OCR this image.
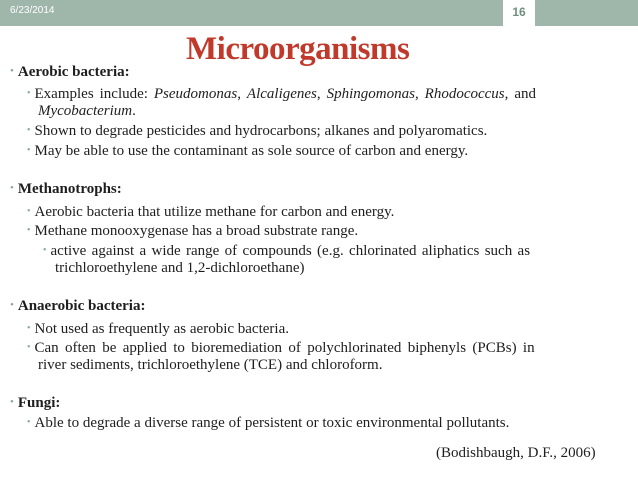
6/23/2014	16
Microorganisms
• Aerobic bacteria:
• Examples include: Pseudomonas, Alcaligenes, Sphingomonas, Rhodococcus, and
Mycobacterium.
• Shown to degrade pesticides and hydrocarbons; alkanes and polyaromatics.
• May be able to use the contaminant as sole source of carbon and energy.
• Methanotrophs:
• Aerobic bacteria that utilize methane for carbon and energy.
• Methane monooxygenase has a broad substrate range.
• active against a wide range of compounds (e.g. chlorinated aliphatics such as
trichloroethylene and 1,2-dichloroethane)
• Anaerobic bacteria:
• Not used as frequently as aerobic bacteria.
• Can often be applied to bioremediation of polychlorinated biphenyls (PCBs) in
river sediments, trichloroethylene (TCE) and chloroform.
• Fungi:
• Able to degrade a diverse range of persistent or toxic environmental pollutants.
(Bodishbaugh, D.F., 2006)
